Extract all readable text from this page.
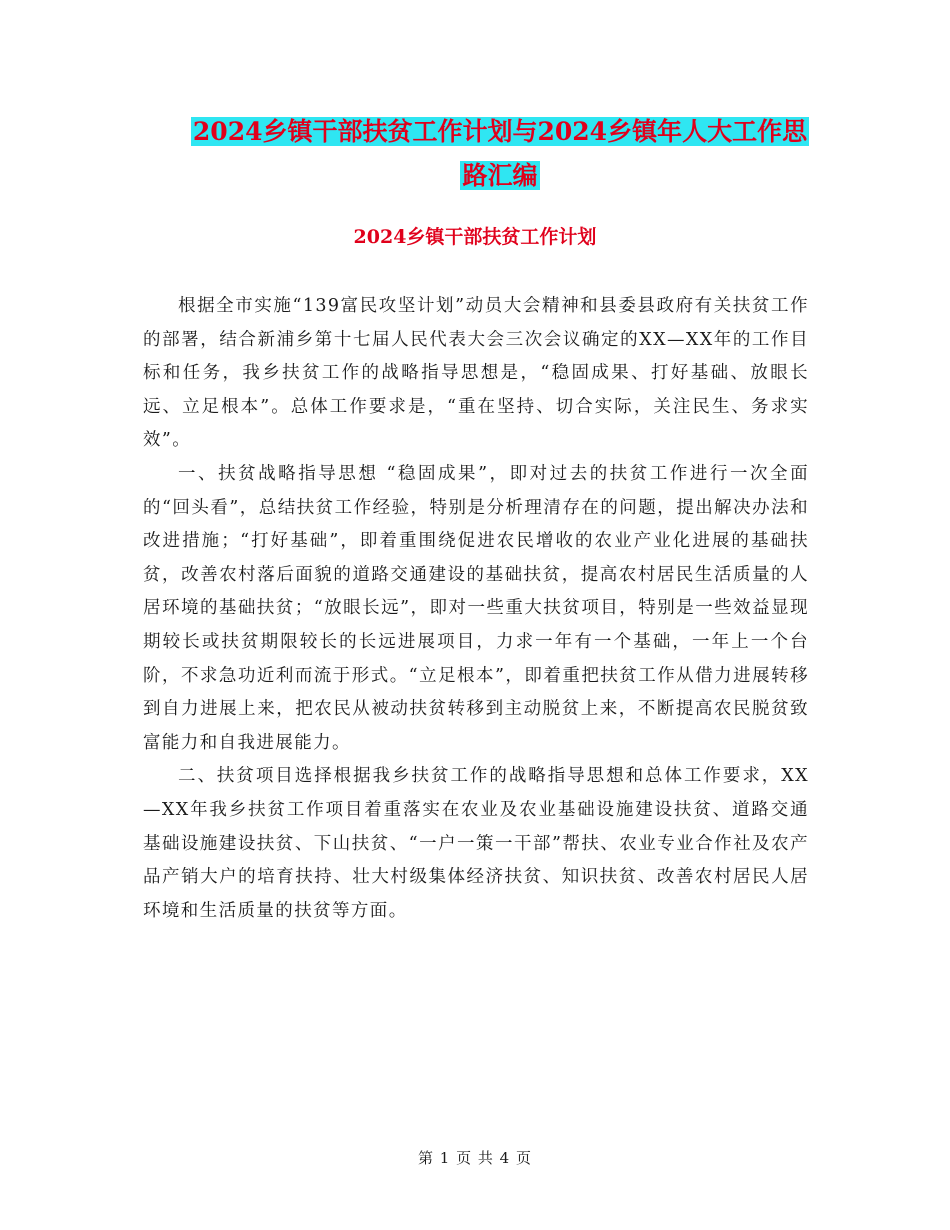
2024乡镇干部扶贫工作计划与2024乡镇年人大工作思
路汇编
2024乡镇干部扶贫工作计划

根据全市实施“139富民攻坚计划”动员大会精神和县委县政府有关扶贫工作的部署，结合新浦乡第十七届人民代表大会三次会议确定的XX—XX年的工作目标和任务，我乡扶贫工作的战略指导思想是，“稳固成果、打好基础、放眼长远、立足根本”。总体工作要求是，“重在坚持、切合实际，关注民生、务求实效”。

一、扶贫战略指导思想 “稳固成果”，即对过去的扶贫工作进行一次全面的“回头看”，总结扶贫工作经验，特别是分析理清存在的问题，提出解决办法和改进措施；“打好基础”，即着重围绕促进农民增收的农业产业化进展的基础扶贫，改善农村落后面貌的道路交通建设的基础扶贫，提高农村居民生活质量的人居环境的基础扶贫；“放眼长远”，即对一些重大扶贫项目，特别是一些效益显现期较长或扶贫期限较长的长远进展项目，力求一年有一个基础，一年上一个台阶，不求急功近利而流于形式。“立足根本”，即着重把扶贫工作从借力进展转移到自力进展上来，把农民从被动扶贫转移到主动脱贫上来，不断提高农民脱贫致富能力和自我进展能力。

二、扶贫项目选择根据我乡扶贫工作的战略指导思想和总体工作要求，XX—XX年我乡扶贫工作项目着重落实在农业及农业基础设施建设扶贫、道路交通基础设施建设扶贫、下山扶贫、“一户一策一干部”帮扶、农业专业合作社及农产品产销大户的培育扶持、壮大村级集体经济扶贫、知识扶贫、改善农村居民人居环境和生活质量的扶贫等方面。

第 1 页 共 4 页
